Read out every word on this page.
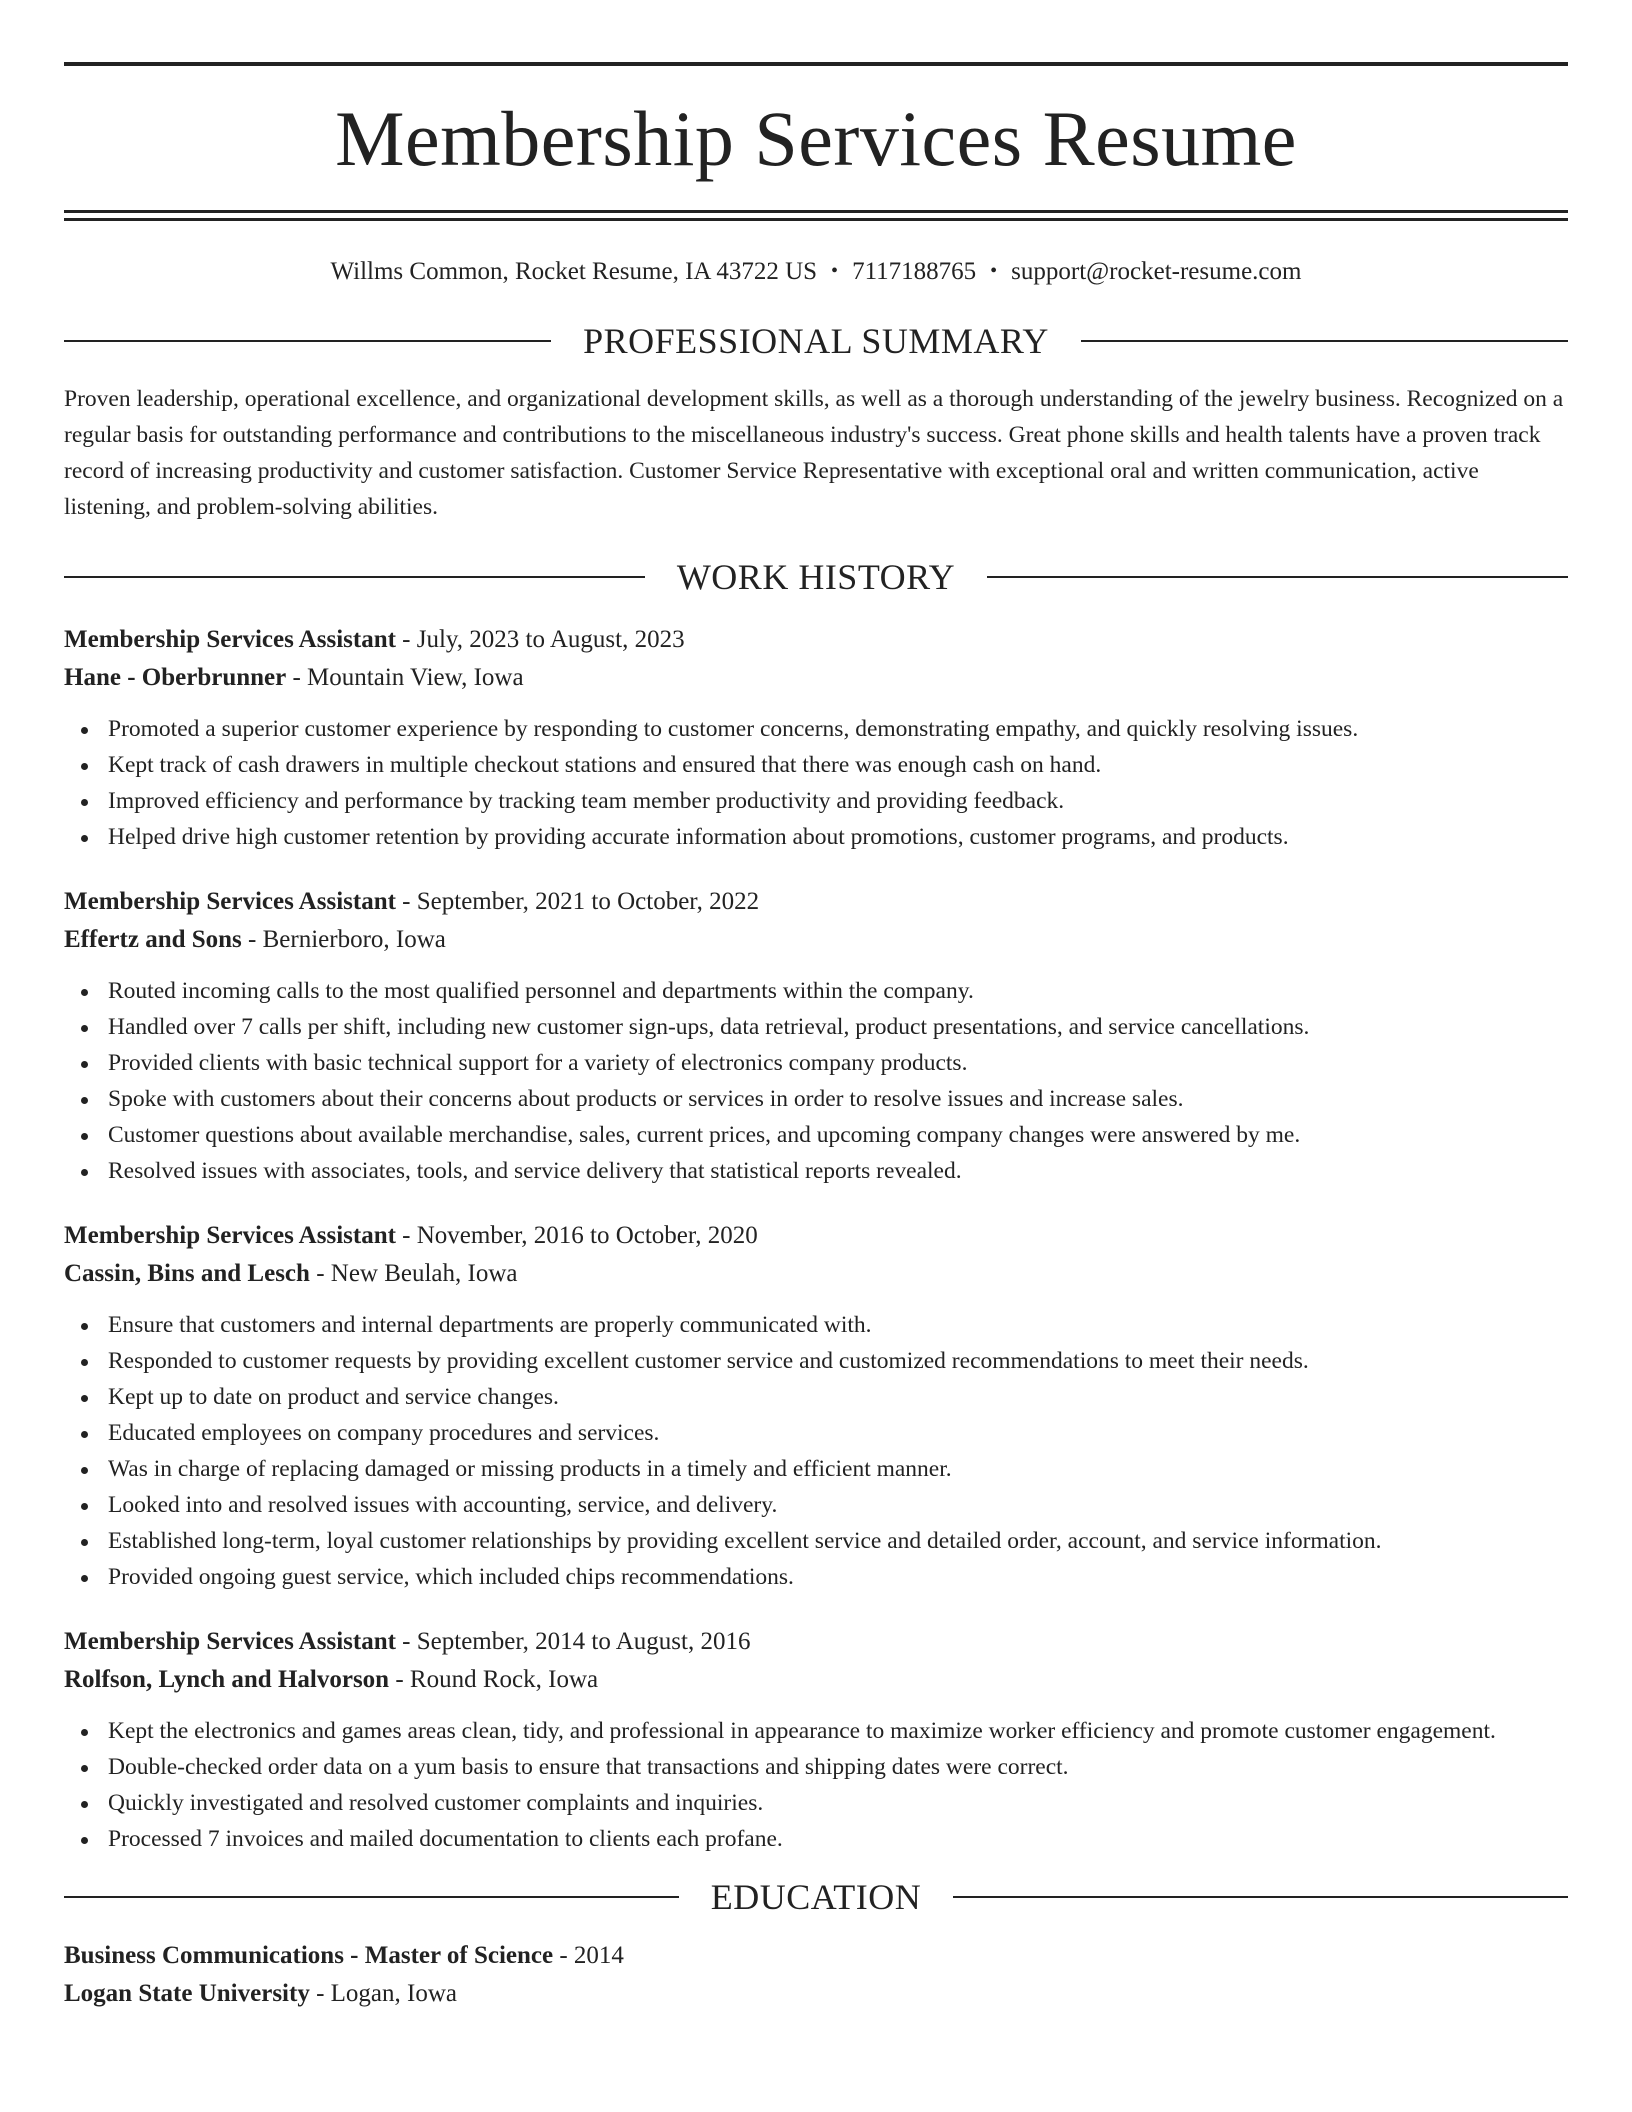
Membership Services Resume
Willms Common, Rocket Resume, IA 43722 US • 7117188765 • support@rocket-resume.com
PROFESSIONAL SUMMARY

Proven leadership, operational excellence, and organizational development skills, as well as a thorough understanding of the jewelry business. Recognized on a regular basis for outstanding performance and contributions to the miscellaneous industry's success. Great phone skills and health talents have a proven track record of increasing productivity and customer satisfaction. Customer Service Representative with exceptional oral and written communication, active listening, and problem-solving abilities.

WORK HISTORY
Membership Services Assistant - July, 2023 to August, 2023
Hane - Oberbrunner - Mountain View, Iowa
Promoted a superior customer experience by responding to customer concerns, demonstrating empathy, and quickly resolving issues.
Kept track of cash drawers in multiple checkout stations and ensured that there was enough cash on hand.
Improved efficiency and performance by tracking team member productivity and providing feedback.
Helped drive high customer retention by providing accurate information about promotions, customer programs, and products.
Membership Services Assistant - September, 2021 to October, 2022
Effertz and Sons - Bernierboro, Iowa
Routed incoming calls to the most qualified personnel and departments within the company.
Handled over 7 calls per shift, including new customer sign-ups, data retrieval, product presentations, and service cancellations.
Provided clients with basic technical support for a variety of electronics company products.
Spoke with customers about their concerns about products or services in order to resolve issues and increase sales.
Customer questions about available merchandise, sales, current prices, and upcoming company changes were answered by me.
Resolved issues with associates, tools, and service delivery that statistical reports revealed.
Membership Services Assistant - November, 2016 to October, 2020
Cassin, Bins and Lesch - New Beulah, Iowa
Ensure that customers and internal departments are properly communicated with.
Responded to customer requests by providing excellent customer service and customized recommendations to meet their needs.
Kept up to date on product and service changes.
Educated employees on company procedures and services.
Was in charge of replacing damaged or missing products in a timely and efficient manner.
Looked into and resolved issues with accounting, service, and delivery.
Established long-term, loyal customer relationships by providing excellent service and detailed order, account, and service information.
Provided ongoing guest service, which included chips recommendations.
Membership Services Assistant - September, 2014 to August, 2016
Rolfson, Lynch and Halvorson - Round Rock, Iowa
Kept the electronics and games areas clean, tidy, and professional in appearance to maximize worker efficiency and promote customer engagement.
Double-checked order data on a yum basis to ensure that transactions and shipping dates were correct.
Quickly investigated and resolved customer complaints and inquiries.
Processed 7 invoices and mailed documentation to clients each profane.
EDUCATION
Business Communications - Master of Science - 2014
Logan State University - Logan, Iowa
